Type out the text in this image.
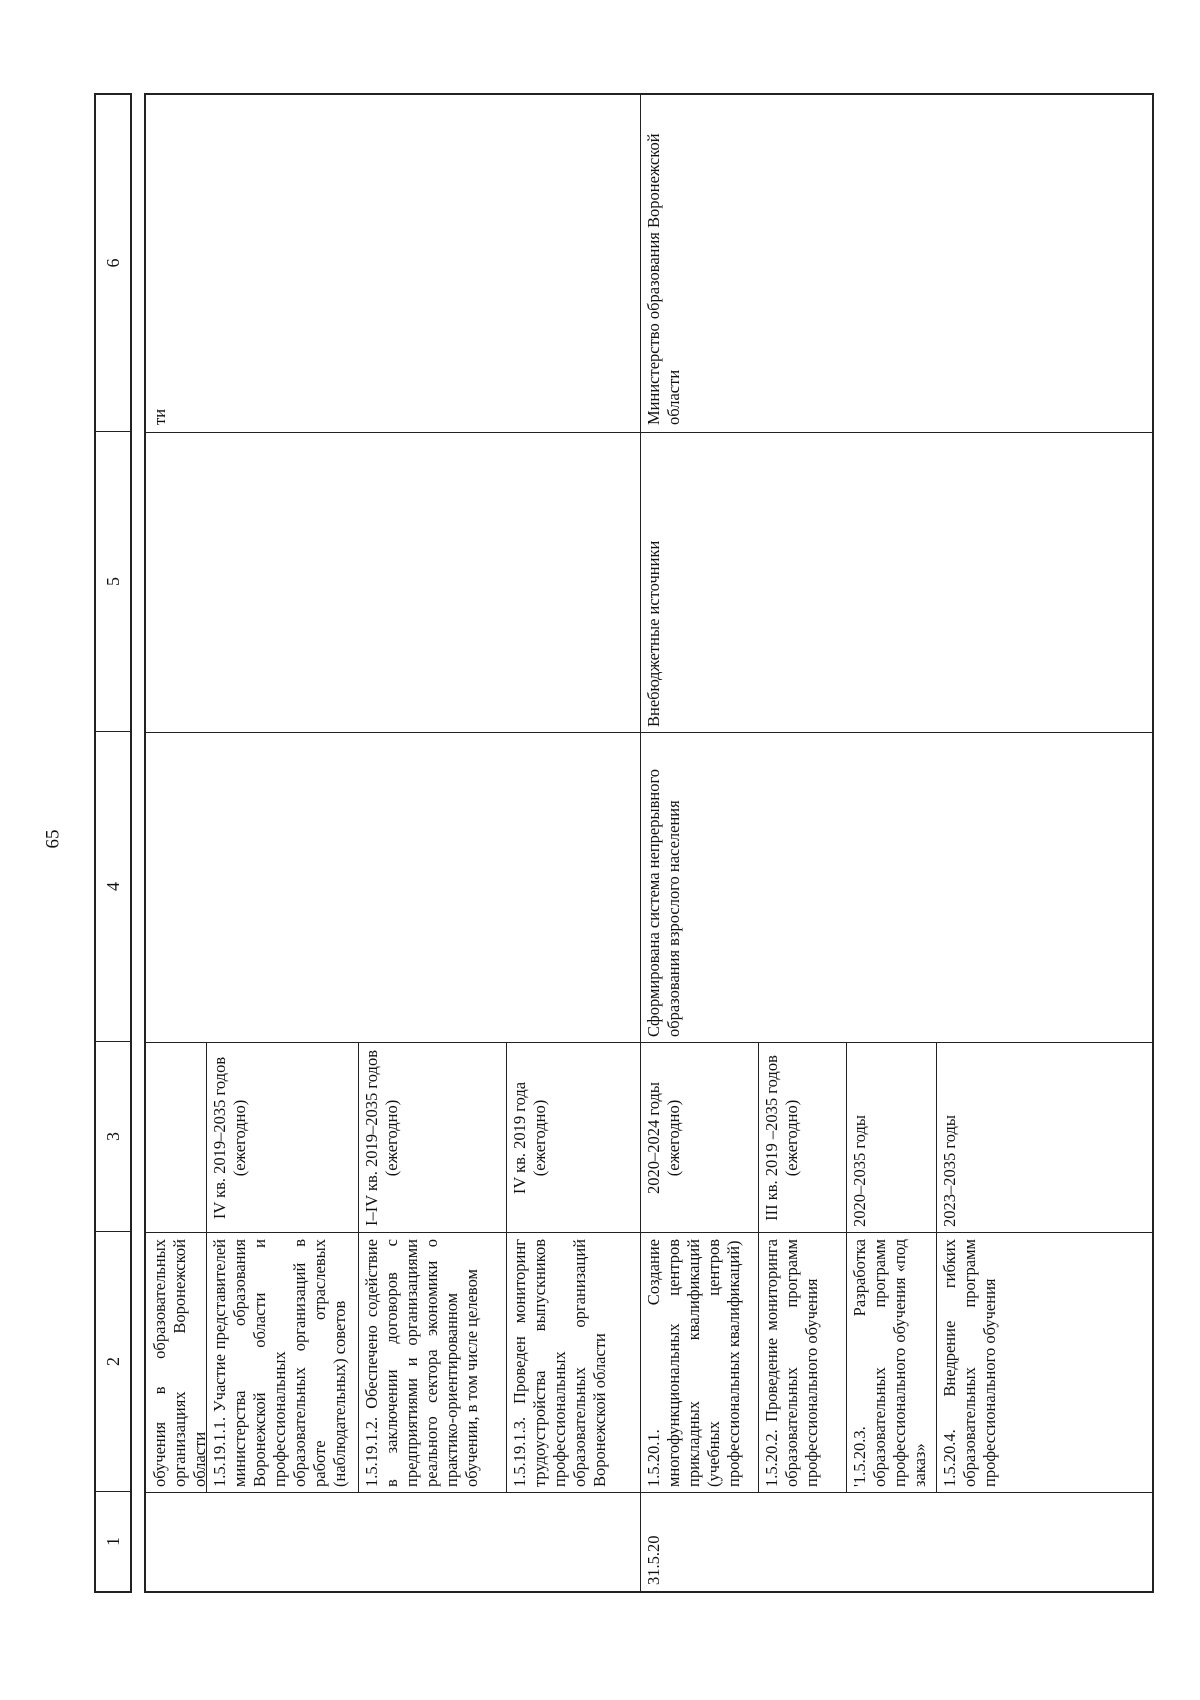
65
1
2
3
4
5
6
обучения в образовательных организациях Воронежской области
ти
1.5.19.1.1. Участие представителей министерства образования Воронежской области и профессиональных образовательных организаций в работе отраслевых (наблюдательных) советов
IV кв. 2019–2035 годов (ежегодно)
1.5.19.1.2. Обеспечено содействие в заключении договоров с предприятиями и организациями реального сектора экономики о практико-ориентированном обучении, в том числе целевом
I–IV кв. 2019–2035 годов (ежегодно)
1.5.19.1.3. Проведен мониторинг трудоустройства выпускников профессиональных образовательных организаций Воронежской области
IV кв. 2019 года (ежегодно)
31.5.20
1.5.20.1. Создание многофункциональных центров прикладных квалификаций (учебных центров профессиональных квалификаций)
2020–2024 годы (ежегодно)
Сформирована система непрерывного образования взрослого населения
Внебюджетные источники
Министерство образования Воронежской области
1.5.20.2. Проведение мониторинга образовательных программ профессионального обучения
III кв. 2019 –2035 годов (ежегодно)
'1.5.20.3. Разработка образовательных программ профессионального обучения «под заказ»
2020–2035 годы
1.5.20.4. Внедрение гибких образовательных программ профессионального обучения
2023–2035 годы
